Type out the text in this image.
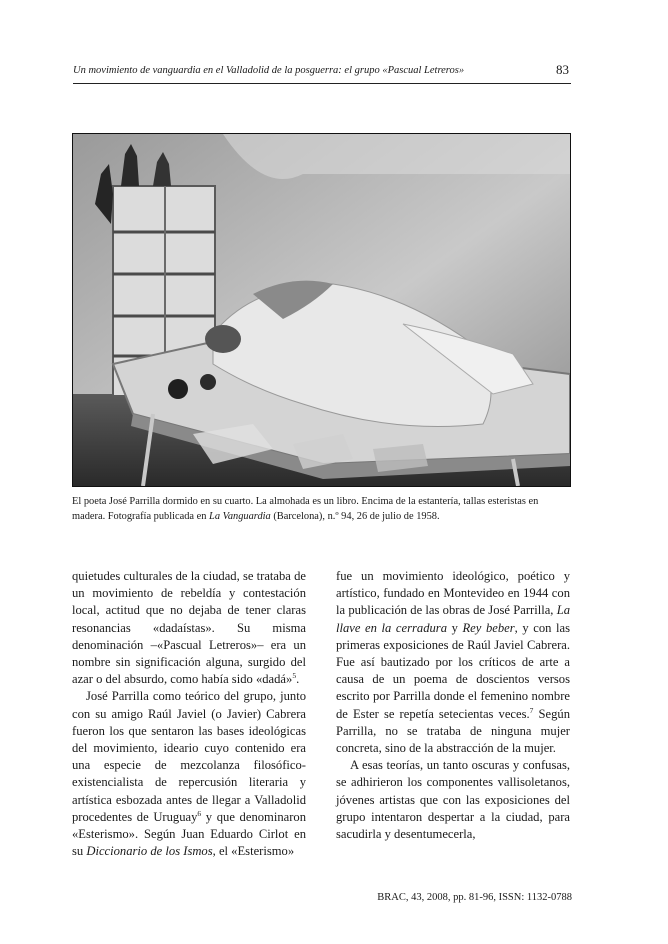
Un movimiento de vanguardia en el Valladolid de la posguerra: el grupo «Pascual Letreros»	83
El poeta José Parrilla dormido en su cuarto. La almohada es un libro. Encima de la estantería, tallas esteristas en
madera. Fotografía publicada en La Vanguardia (Barcelona), n.º 94, 26 de julio de 1958.

quietudes culturales de la ciudad, se trataba de un movimiento de rebeldía y contestación local, actitud que no dejaba de tener claras resonancias «dadaístas». Su misma denominación –«Pascual Letreros»– era un nombre sin significación alguna, surgido del azar o del absurdo, como había sido «dadá»$^5$.

José Parrilla como teórico del grupo, junto con su amigo Raúl Javiel (o Javier) Cabrera fueron los que sentaron las bases ideológicas del movimiento, ideario cuyo contenido era una especie de mezcolanza filosófico-existencialista de repercusión literaria y artística esbozada antes de llegar a Valladolid procedentes de Uruguay$^6$ y que denominaron «Esterismo». Según Juan Eduardo Cirlot en su Diccionario de los Ismos, el «Esterismo»

fue un movimiento ideológico, poético y artístico, fundado en Montevideo en 1944 con la publicación de las obras de José Parrilla, La llave en la cerradura y Rey beber, y con las primeras exposiciones de Raúl Javiel Cabrera. Fue así bautizado por los críticos de arte a causa de un poema de doscientos versos escrito por Parrilla donde el femenino nombre de Ester se repetía setecientas veces.$^7$ Según Parrilla, no se trataba de ninguna mujer concreta, sino de la abstracción de la mujer.

A esas teorías, un tanto oscuras y confusas, se adhirieron los componentes vallisoletanos, jóvenes artistas que con las exposiciones del grupo intentaron despertar a la ciudad, para sacudirla y desentumecerla,

BRAC, 43, 2008, pp. 81-96, ISSN: 1132-0788
